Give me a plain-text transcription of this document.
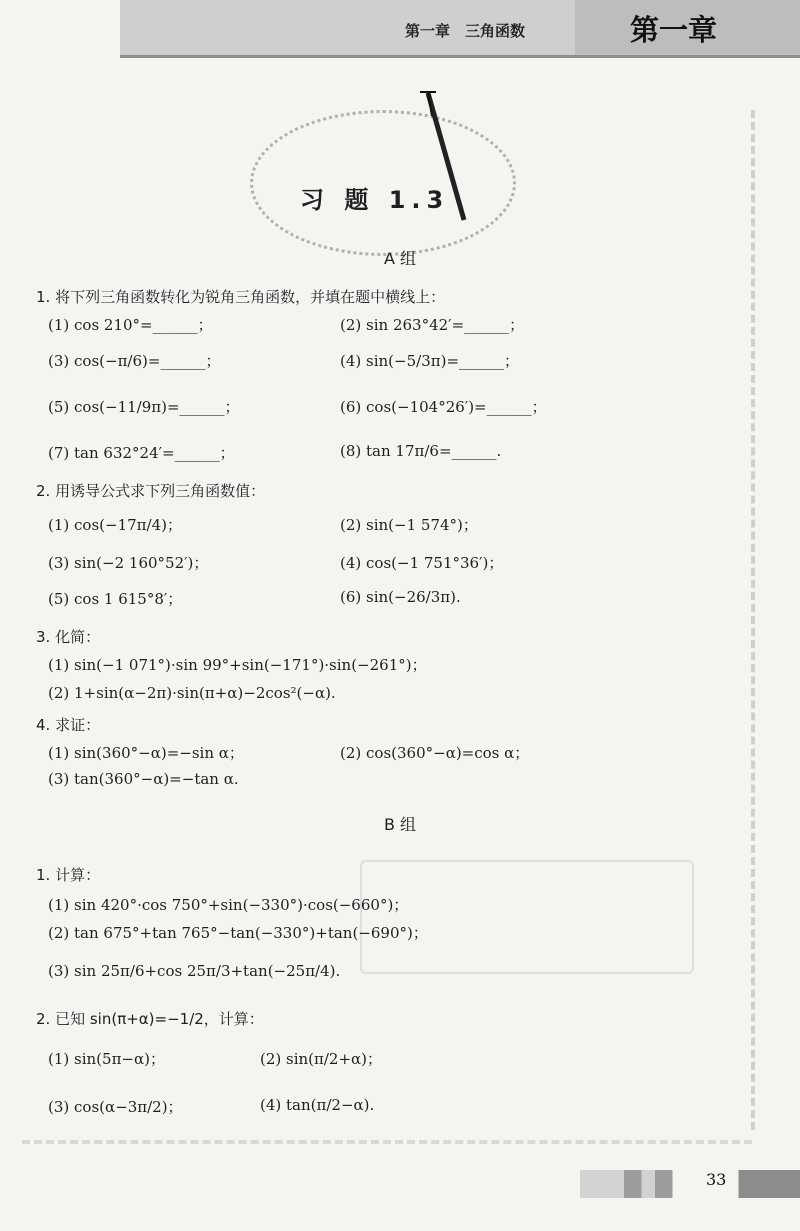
第一章　三角函数	第一章
习 题 1.3
A 组
1. 将下列三角函数转化为锐角三角函数，并填在题中横线上：
(1) cos 210°=______；	(2) sin 263°42′=______；
(3) cos(−π/6)=______；	(4) sin(−5/3π)=______；
(5) cos(−11/9π)=______；	(6) cos(−104°26′)=______；
(7) tan 632°24′=______；	(8) tan 17π/6=______.
2. 用诱导公式求下列三角函数值：
(1) cos(−17π/4)；	(2) sin(−1 574°)；
(3) sin(−2 160°52′)；	(4) cos(−1 751°36′)；
(5) cos 1 615°8′；	(6) sin(−26/3π).
3. 化简：
(1) sin(−1 071°)·sin 99°+sin(−171°)·sin(−261°)；
(2) 1+sin(α−2π)·sin(π+α)−2cos²(−α).
4. 求证：
(1) sin(360°−α)=−sin α；	(2) cos(360°−α)=cos α；
(3) tan(360°−α)=−tan α.
B 组
1. 计算：
(1) sin 420°·cos 750°+sin(−330°)·cos(−660°)；
(2) tan 675°+tan 765°−tan(−330°)+tan(−690°)；
(3) sin 25π/6+cos 25π/3+tan(−25π/4).
2. 已知 sin(π+α)=−1/2，计算：
(1) sin(5π−α)；	(2) sin(π/2+α)；
(3) cos(α−3π/2)；	(4) tan(π/2−α).
33
